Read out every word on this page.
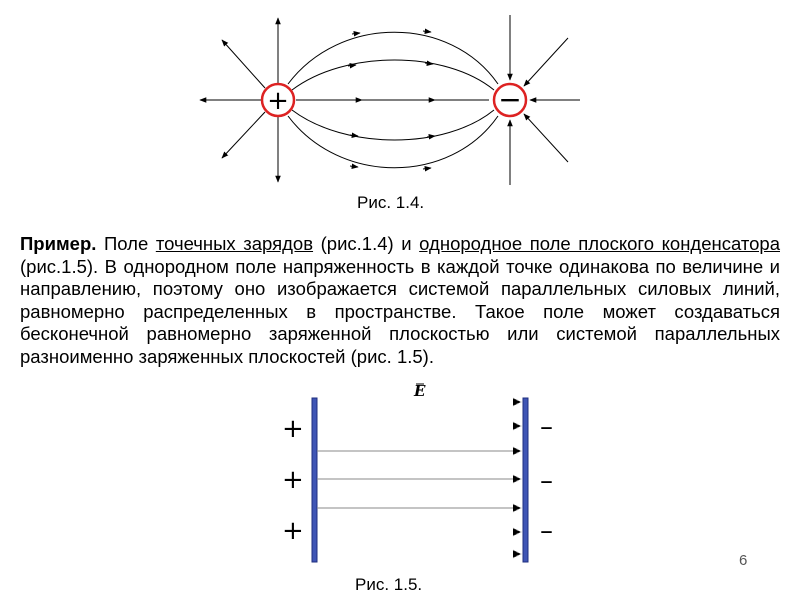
+	−
Рис. 1.4.
Пример. Поле точечных зарядов (рис.1.4) и однородное поле плоского конденсатора (рис.1.5). В однородном поле напряженность в каждой точке одинакова по величине и направлению, поэтому оно изображается системой параллельных силовых линий, равномерно распределенных в пространстве. Такое поле может создаваться бесконечной равномерно заряженной плоскостью или системой параллельных разноименно заряженных плоскостей (рис. 1.5).
E
+
+
+
–
–
–
Рис. 1.5.
6
